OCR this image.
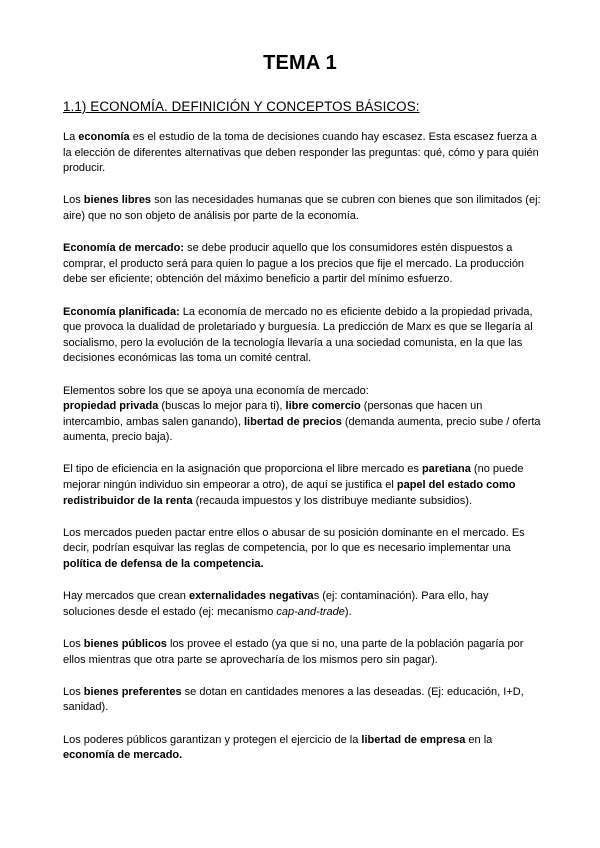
TEMA 1
1.1) ECONOMÍA. DEFINICIÓN Y CONCEPTOS BÁSICOS:

La economía es el estudio de la toma de decisiones cuando hay escasez. Esta escasez fuerza a la elección de diferentes alternativas que deben responder las preguntas: qué, cómo y para quién producir.

Los bienes libres son las necesidades humanas que se cubren con bienes que son ilimitados (ej: aire) que no son objeto de análisis por parte de la economía.

Economía de mercado: se debe producir aquello que los consumidores estén dispuestos a comprar, el producto será para quien lo pague a los precios que fije el mercado. La producción debe ser eficiente; obtención del máximo beneficio a partir del mínimo esfuerzo.

Economía planificada: La economía de mercado no es eficiente debido a la propiedad privada, que provoca la dualidad de proletariado y burguesía. La predicción de Marx es que se llegaría al socialismo, pero la evolución de la tecnología llevaría a una sociedad comunista, en la que las decisiones económicas las toma un comité central.

Elementos sobre los que se apoya una economía de mercado:
propiedad privada (buscas lo mejor para ti), libre comercio (personas que hacen un intercambio, ambas salen ganando), libertad de precios (demanda aumenta, precio sube / oferta aumenta, precio baja).

El tipo de eficiencia en la asignación que proporciona el libre mercado es paretiana (no puede mejorar ningún individuo sin empeorar a otro), de aquí se justifica el papel del estado como redistribuidor de la renta (recauda impuestos y los distribuye mediante subsidios).

Los mercados pueden pactar entre ellos o abusar de su posición dominante en el mercado. Es decir, podrían esquivar las reglas de competencia, por lo que es necesario implementar una política de defensa de la competencia.

Hay mercados que crean externalidades negativas (ej: contaminación). Para ello, hay soluciones desde el estado (ej: mecanismo cap-and-trade).

Los bienes públicos los provee el estado (ya que si no, una parte de la población pagaría por ellos mientras que otra parte se aprovecharía de los mismos pero sin pagar).

Los bienes preferentes se dotan en cantidades menores a las deseadas. (Ej: educación, I+D, sanidad).

Los poderes públicos garantizan y protegen el ejercicio de la libertad de empresa en la economía de mercado.
